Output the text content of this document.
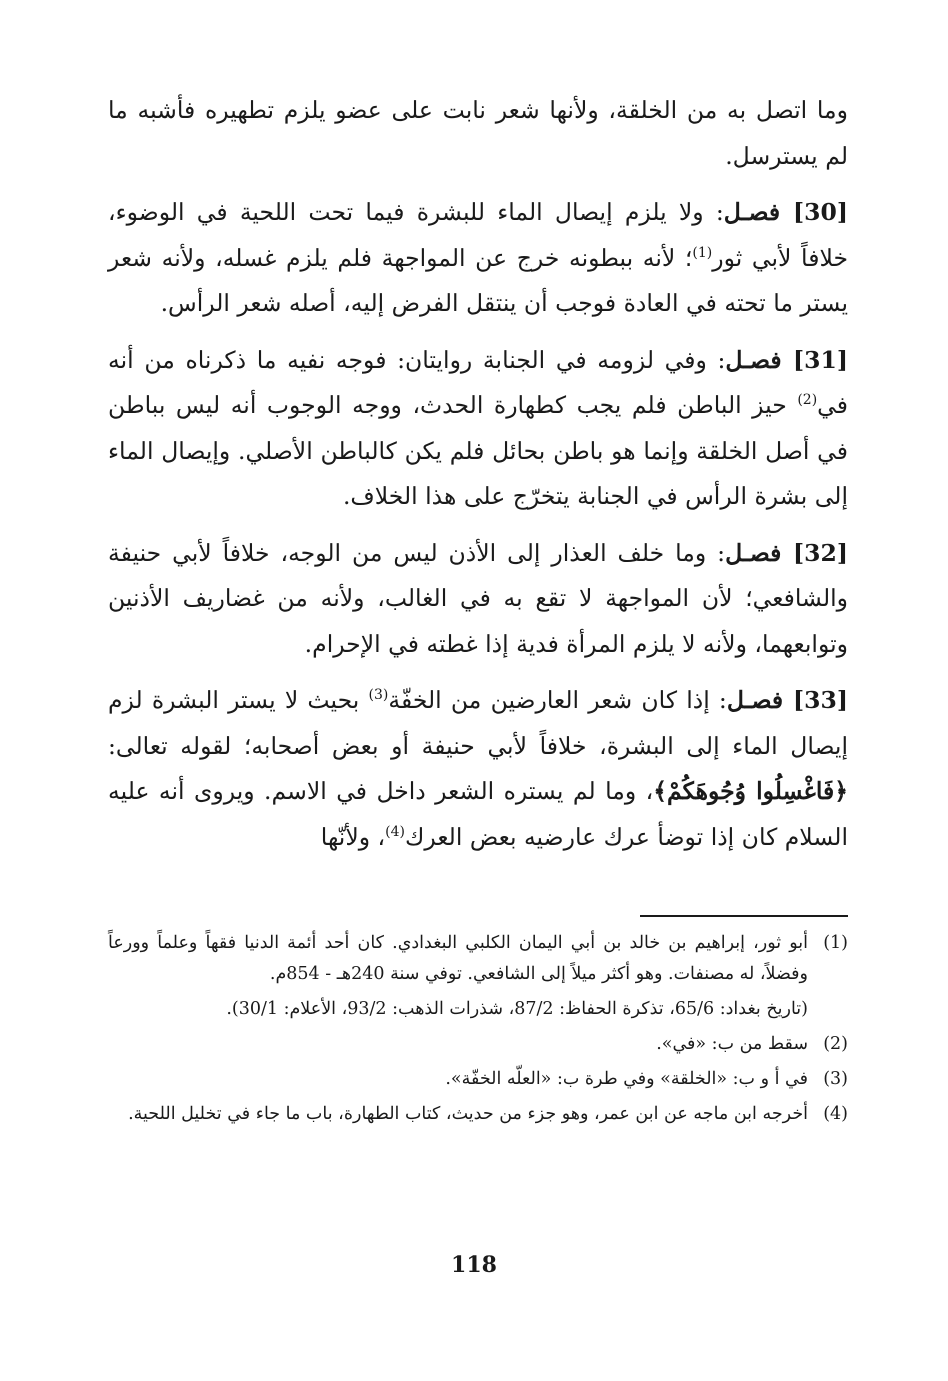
وما اتصل به من الخلقة، ولأنها شعر نابت على عضو يلزم تطهيره فأشبه ما لم يسترسل.

[30] فصـل: ولا يلزم إيصال الماء للبشرة فيما تحت اللحية في الوضوء، خلافاً لأبي ثور$^{(1)}$؛ لأنه ببطونه خرج عن المواجهة فلم يلزم غسله، ولأنه شعر يستر ما تحته في العادة فوجب أن ينتقل الفرض إليه، أصله شعر الرأس.

[31] فصـل: وفي لزومه في الجنابة روايتان: فوجه نفيه ما ذكرناه من أنه في$^{(2)}$ حيز الباطن فلم يجب كطهارة الحدث، ووجه الوجوب أنه ليس بباطن في أصل الخلقة وإنما هو باطن بحائل فلم يكن كالباطن الأصلي. وإيصال الماء إلى بشرة الرأس في الجنابة يتخرّج على هذا الخلاف.

[32] فصـل: وما خلف العذار إلى الأذن ليس من الوجه، خلافاً لأبي حنيفة والشافعي؛ لأن المواجهة لا تقع به في الغالب، ولأنه من غضاريف الأذنين وتوابعهما، ولأنه لا يلزم المرأة فدية إذا غطته في الإحرام.

[33] فصـل: إذا كان شعر العارضين من الخفّة$^{(3)}$ بحيث لا يستر البشرة لزم إيصال الماء إلى البشرة، خلافاً لأبي حنيفة أو بعض أصحابه؛ لقوله تعالى: ﴿فَاغْسِلُوا وُجُوهَكُمْ﴾، وما لم يستره الشعر داخل في الاسم. ويروى أنه عليه السلام كان إذا توضأ عرك عارضيه بعض العرك$^{(4)}$، ولأنّها

(1)
أبو ثور، إبراهيم بن خالد بن أبي اليمان الكلبي البغدادي. كان أحد أئمة الدنيا فقهاً وعلماً وورعاً وفضلاً، له مصنفات. وهو أكثر ميلاً إلى الشافعي. توفي سنة 240هـ - 854م.
(تاريخ بغداد: 65/6، تذكرة الحفاظ: 87/2، شذرات الذهب: 93/2، الأعلام: 30/1).
(2)
سقط من ب: «في».
(3)
في أ و ب: «الخلقة» وفي طرة ب: «العلّه الخفّة».
(4)
أخرجه ابن ماجه عن ابن عمر، وهو جزء من حديث، كتاب الطهارة، باب ما جاء في تخليل اللحية.
118
